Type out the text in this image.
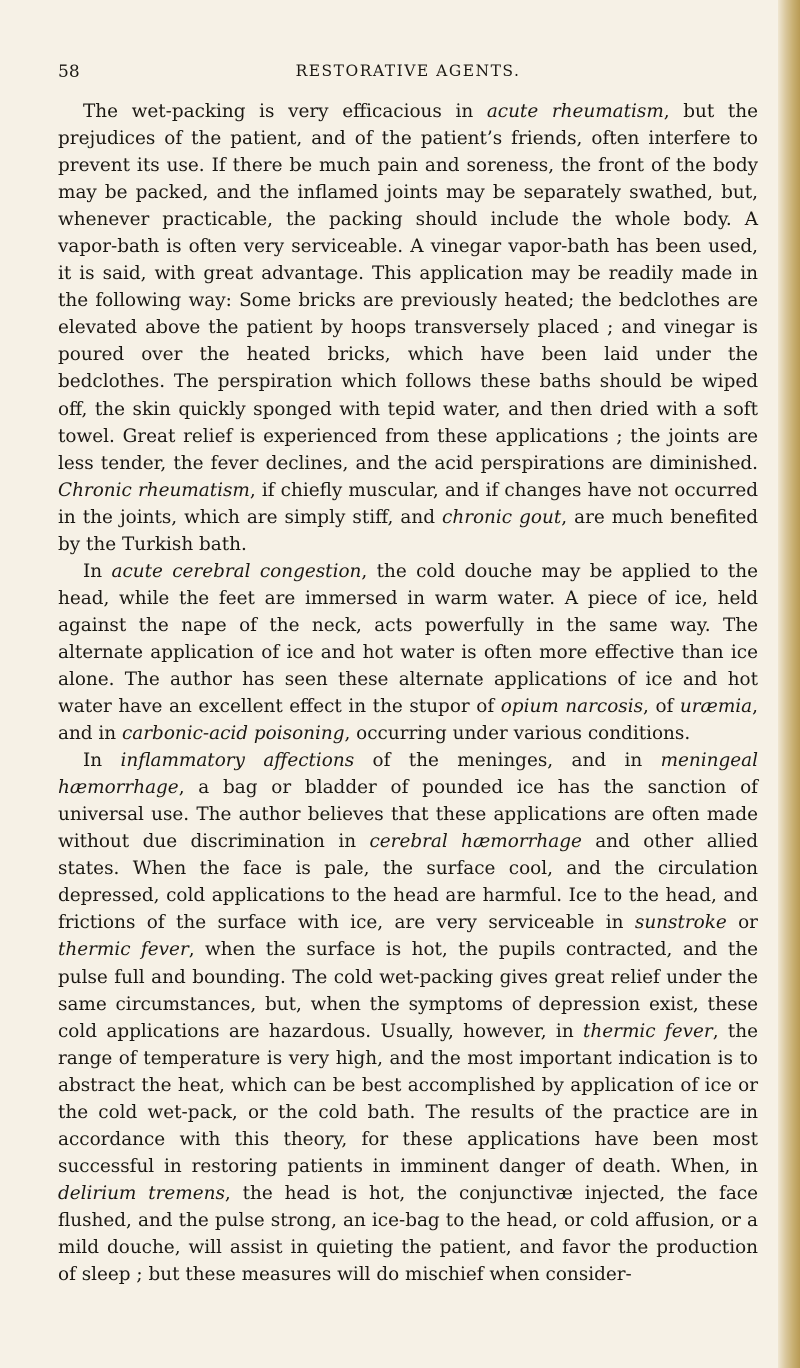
58	RESTORATIVE AGENTS.

The wet-packing is very efficacious in acute rheumatism, but the prejudices of the patient, and of the patient’s friends, often interfere to prevent its use. If there be much pain and soreness, the front of the body may be packed, and the inflamed joints may be separately swathed, but, whenever practicable, the packing should include the whole body. A vapor-bath is often very serviceable. A vinegar vapor-bath has been used, it is said, with great advantage. This application may be readily made in the following way: Some bricks are previously heated; the bedclothes are elevated above the patient by hoops transversely placed ; and vinegar is poured over the heated bricks, which have been laid under the bedclothes. The perspiration which follows these baths should be wiped off, the skin quickly sponged with tepid water, and then dried with a soft towel. Great relief is experienced from these applications ; the joints are less tender, the fever declines, and the acid perspirations are diminished. Chronic rheumatism, if chiefly muscular, and if changes have not occurred in the joints, which are simply stiff, and chronic gout, are much benefited by the Turkish bath.

In acute cerebral congestion, the cold douche may be applied to the head, while the feet are immersed in warm water. A piece of ice, held against the nape of the neck, acts powerfully in the same way. The alternate application of ice and hot water is often more effective than ice alone. The author has seen these alternate applications of ice and hot water have an excellent effect in the stupor of opium narcosis, of uræmia, and in carbonic-acid poisoning, occurring under various conditions.

In inflammatory affections of the meninges, and in meningeal hæmorrhage, a bag or bladder of pounded ice has the sanction of universal use. The author believes that these applications are often made without due discrimination in cerebral hæmorrhage and other allied states. When the face is pale, the surface cool, and the circulation depressed, cold applications to the head are harmful. Ice to the head, and frictions of the surface with ice, are very serviceable in sunstroke or thermic fever, when the surface is hot, the pupils contracted, and the pulse full and bounding. The cold wet-packing gives great relief under the same circumstances, but, when the symptoms of depression exist, these cold applications are hazardous. Usually, however, in thermic fever, the range of temperature is very high, and the most important indication is to abstract the heat, which can be best accomplished by application of ice or the cold wet-pack, or the cold bath. The results of the practice are in accordance with this theory, for these applications have been most successful in restoring patients in imminent danger of death. When, in delirium tremens, the head is hot, the conjunctivæ injected, the face flushed, and the pulse strong, an ice-bag to the head, or cold affusion, or a mild douche, will assist in quieting the patient, and favor the production of sleep ; but these measures will do mischief when consider-
